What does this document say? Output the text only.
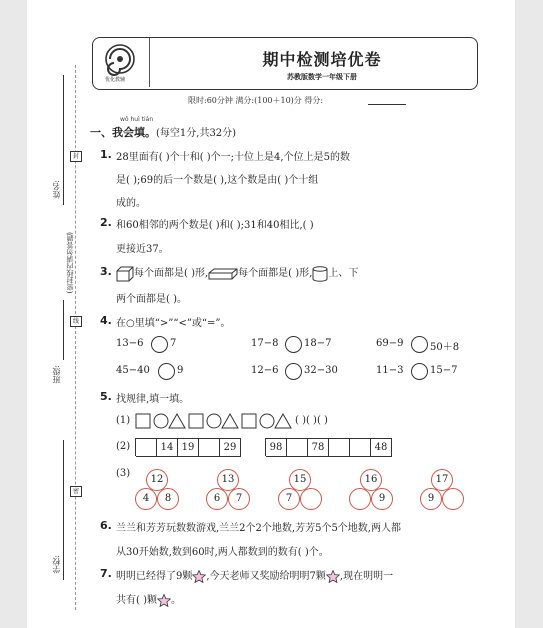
姓名:
(密封线内请勿答题)
班级:
学校:
封
线
密
优化教辅
期中检测培优卷
苏教版数学一年级下册
限时:60分钟 满分:(100＋10)分 得分:
wǒ huì tián
一、我会填。(每空1分,共32分)
1. 28里面有( )个十和( )个一;十位上是4,个位上是5的数
是( );69的后一个数是( ),这个数是由( )个十组
成的。
2. 和60相邻的两个数是( )和( );31和40相比,( )
更接近37。
3.	每个面都是( )形,	每个面都是( )形, 上、下
两个面都是( )。
4. 在○里填“>”“<”或“=”。
13−6	7	17−8	18−7	69−9	50＋8
45−40	9	12−6	32−30	11−3	15−7
5. 找规律,填一填。
(1)	( )( )( )
(2)	14 19	29	98	78	48
(3)
12
4	8
13
6	7
15
7
16
9
17
9
6. 兰兰和芳芳玩数数游戏,兰兰2个2个地数,芳芳5个5个地数,两人都
从30开始数,数到60时,两人都数到的数有( )个。
7. 明明已经得了9颗 ,今天老师又奖励给明明7颗 ,现在明明一
共有( )颗 。
